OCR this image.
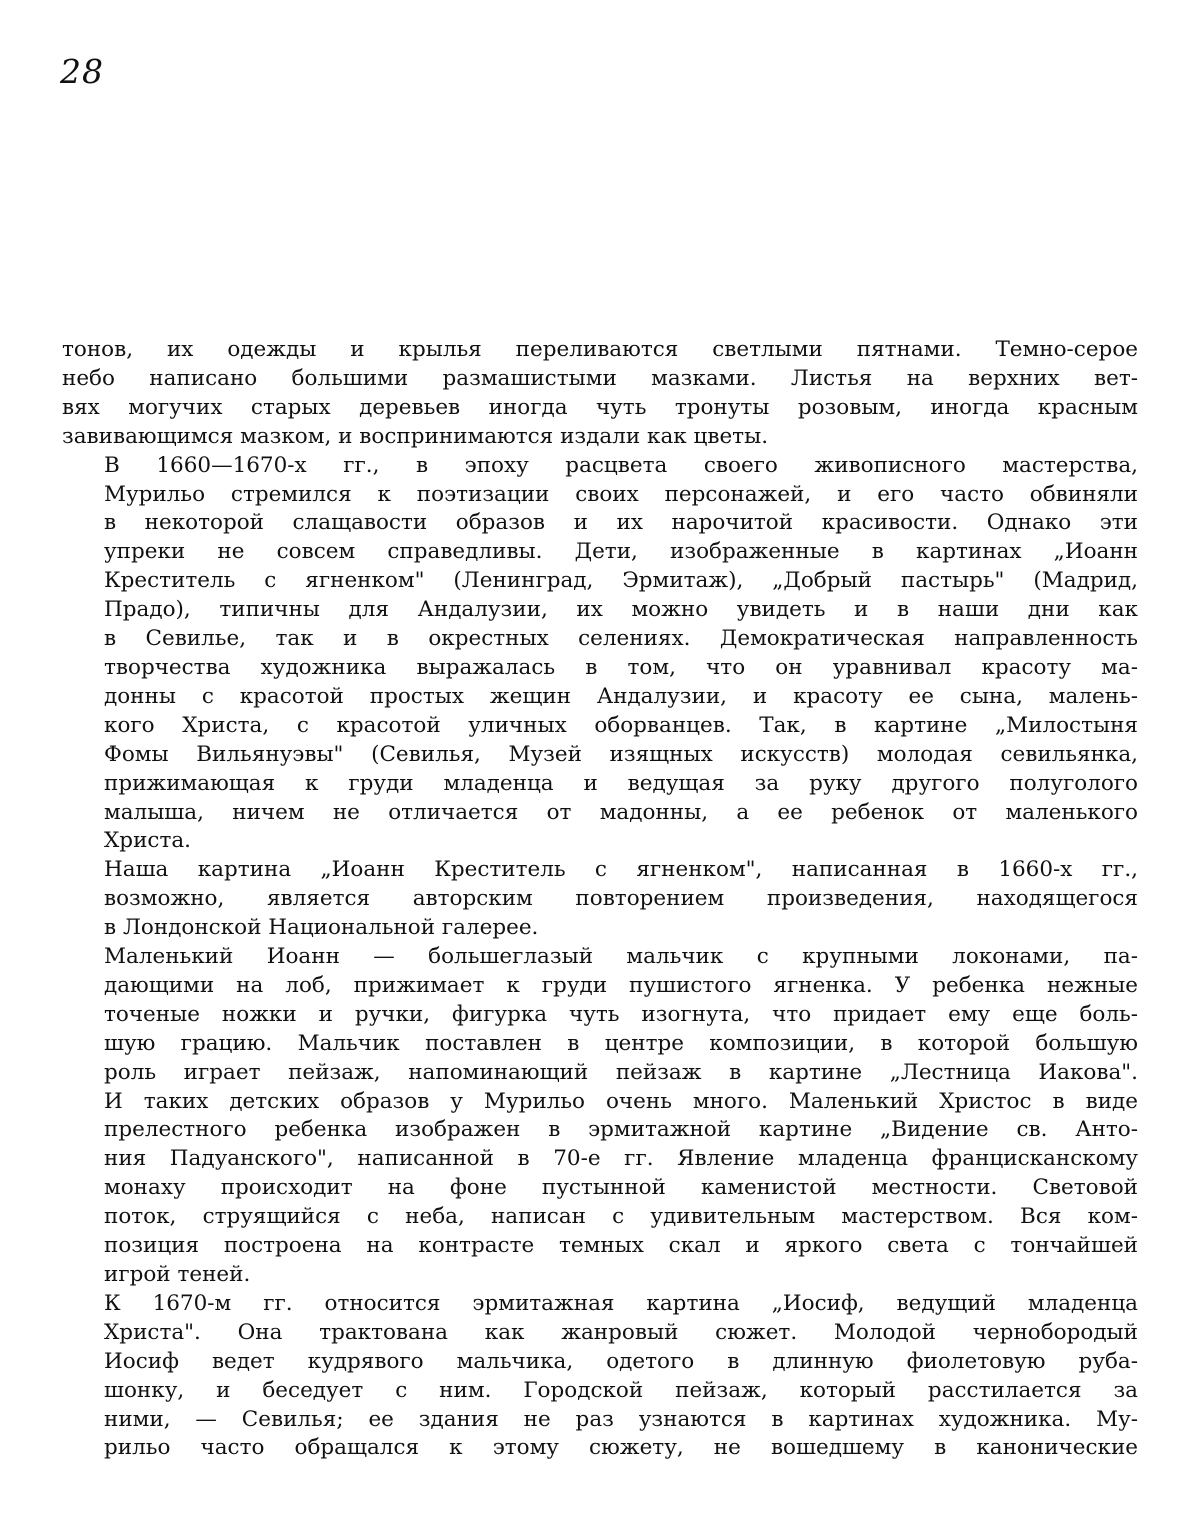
28

тонов, их одежды и крылья переливаются светлыми пятнами. Темно-серое
небо написано большими размашистыми мазками. Листья на верхних вет-
вях могучих старых деревьев иногда чуть тронуты розовым, иногда красным
завивающимся мазком, и воспринимаются издали как цветы.

В 1660—1670-х гг., в эпоху расцвета своего живописного мастерства,
Мурильо стремился к поэтизации своих персонажей, и его часто обвиняли
в некоторой слащавости образов и их нарочитой красивости. Однако эти
упреки не совсем справедливы. Дети, изображенные в картинах „Иоанн
Креститель с ягненком" (Ленинград, Эрмитаж), „Добрый пастырь" (Мадрид,
Прадо), типичны для Андалузии, их можно увидеть и в наши дни как
в Севилье, так и в окрестных селениях. Демократическая направленность
творчества художника выражалась в том, что он уравнивал красоту ма-
донны с красотой простых жещин Андалузии, и красоту ее сына, малень-
кого Христа, с красотой уличных оборванцев. Так, в картине „Милостыня
Фомы Вильянуэвы" (Севилья, Музей изящных искусств) молодая севильянка,
прижимающая к груди младенца и ведущая за руку другого полуголого
малыша, ничем не отличается от мадонны, а ее ребенок от маленького
Христа.

Наша картина „Иоанн Креститель с ягненком", написанная в 1660-х гг.,
возможно, является авторским повторением произведения, находящегося
в Лондонской Национальной галерее.

Маленький Иоанн — большеглазый мальчик с крупными локонами, па-
дающими на лоб, прижимает к груди пушистого ягненка. У ребенка нежные
точеные ножки и ручки, фигурка чуть изогнута, что придает ему еще боль-
шую грацию. Мальчик поставлен в центре композиции, в которой большую
роль играет пейзаж, напоминающий пейзаж в картине „Лестница Иакова".
И таких детских образов у Мурильо очень много. Маленький Христос в виде
прелестного ребенка изображен в эрмитажной картине „Видение св. Анто-
ния Падуанского", написанной в 70-е гг. Явление младенца францисканскому
монаху происходит на фоне пустынной каменистой местности. Световой
поток, струящийся с неба, написан с удивительным мастерством. Вся ком-
позиция построена на контрасте темных скал и яркого света с тончайшей
игрой теней.

К 1670-м гг. относится эрмитажная картина „Иосиф, ведущий младенца
Христа". Она трактована как жанровый сюжет. Молодой чернобородый
Иосиф ведет кудрявого мальчика, одетого в длинную фиолетовую руба-
шонку, и беседует с ним. Городской пейзаж, который расстилается за
ними, — Севилья; ее здания не раз узнаются в картинах художника. Му-
рильо часто обращался к этому сюжету, не вошедшему в канонические
